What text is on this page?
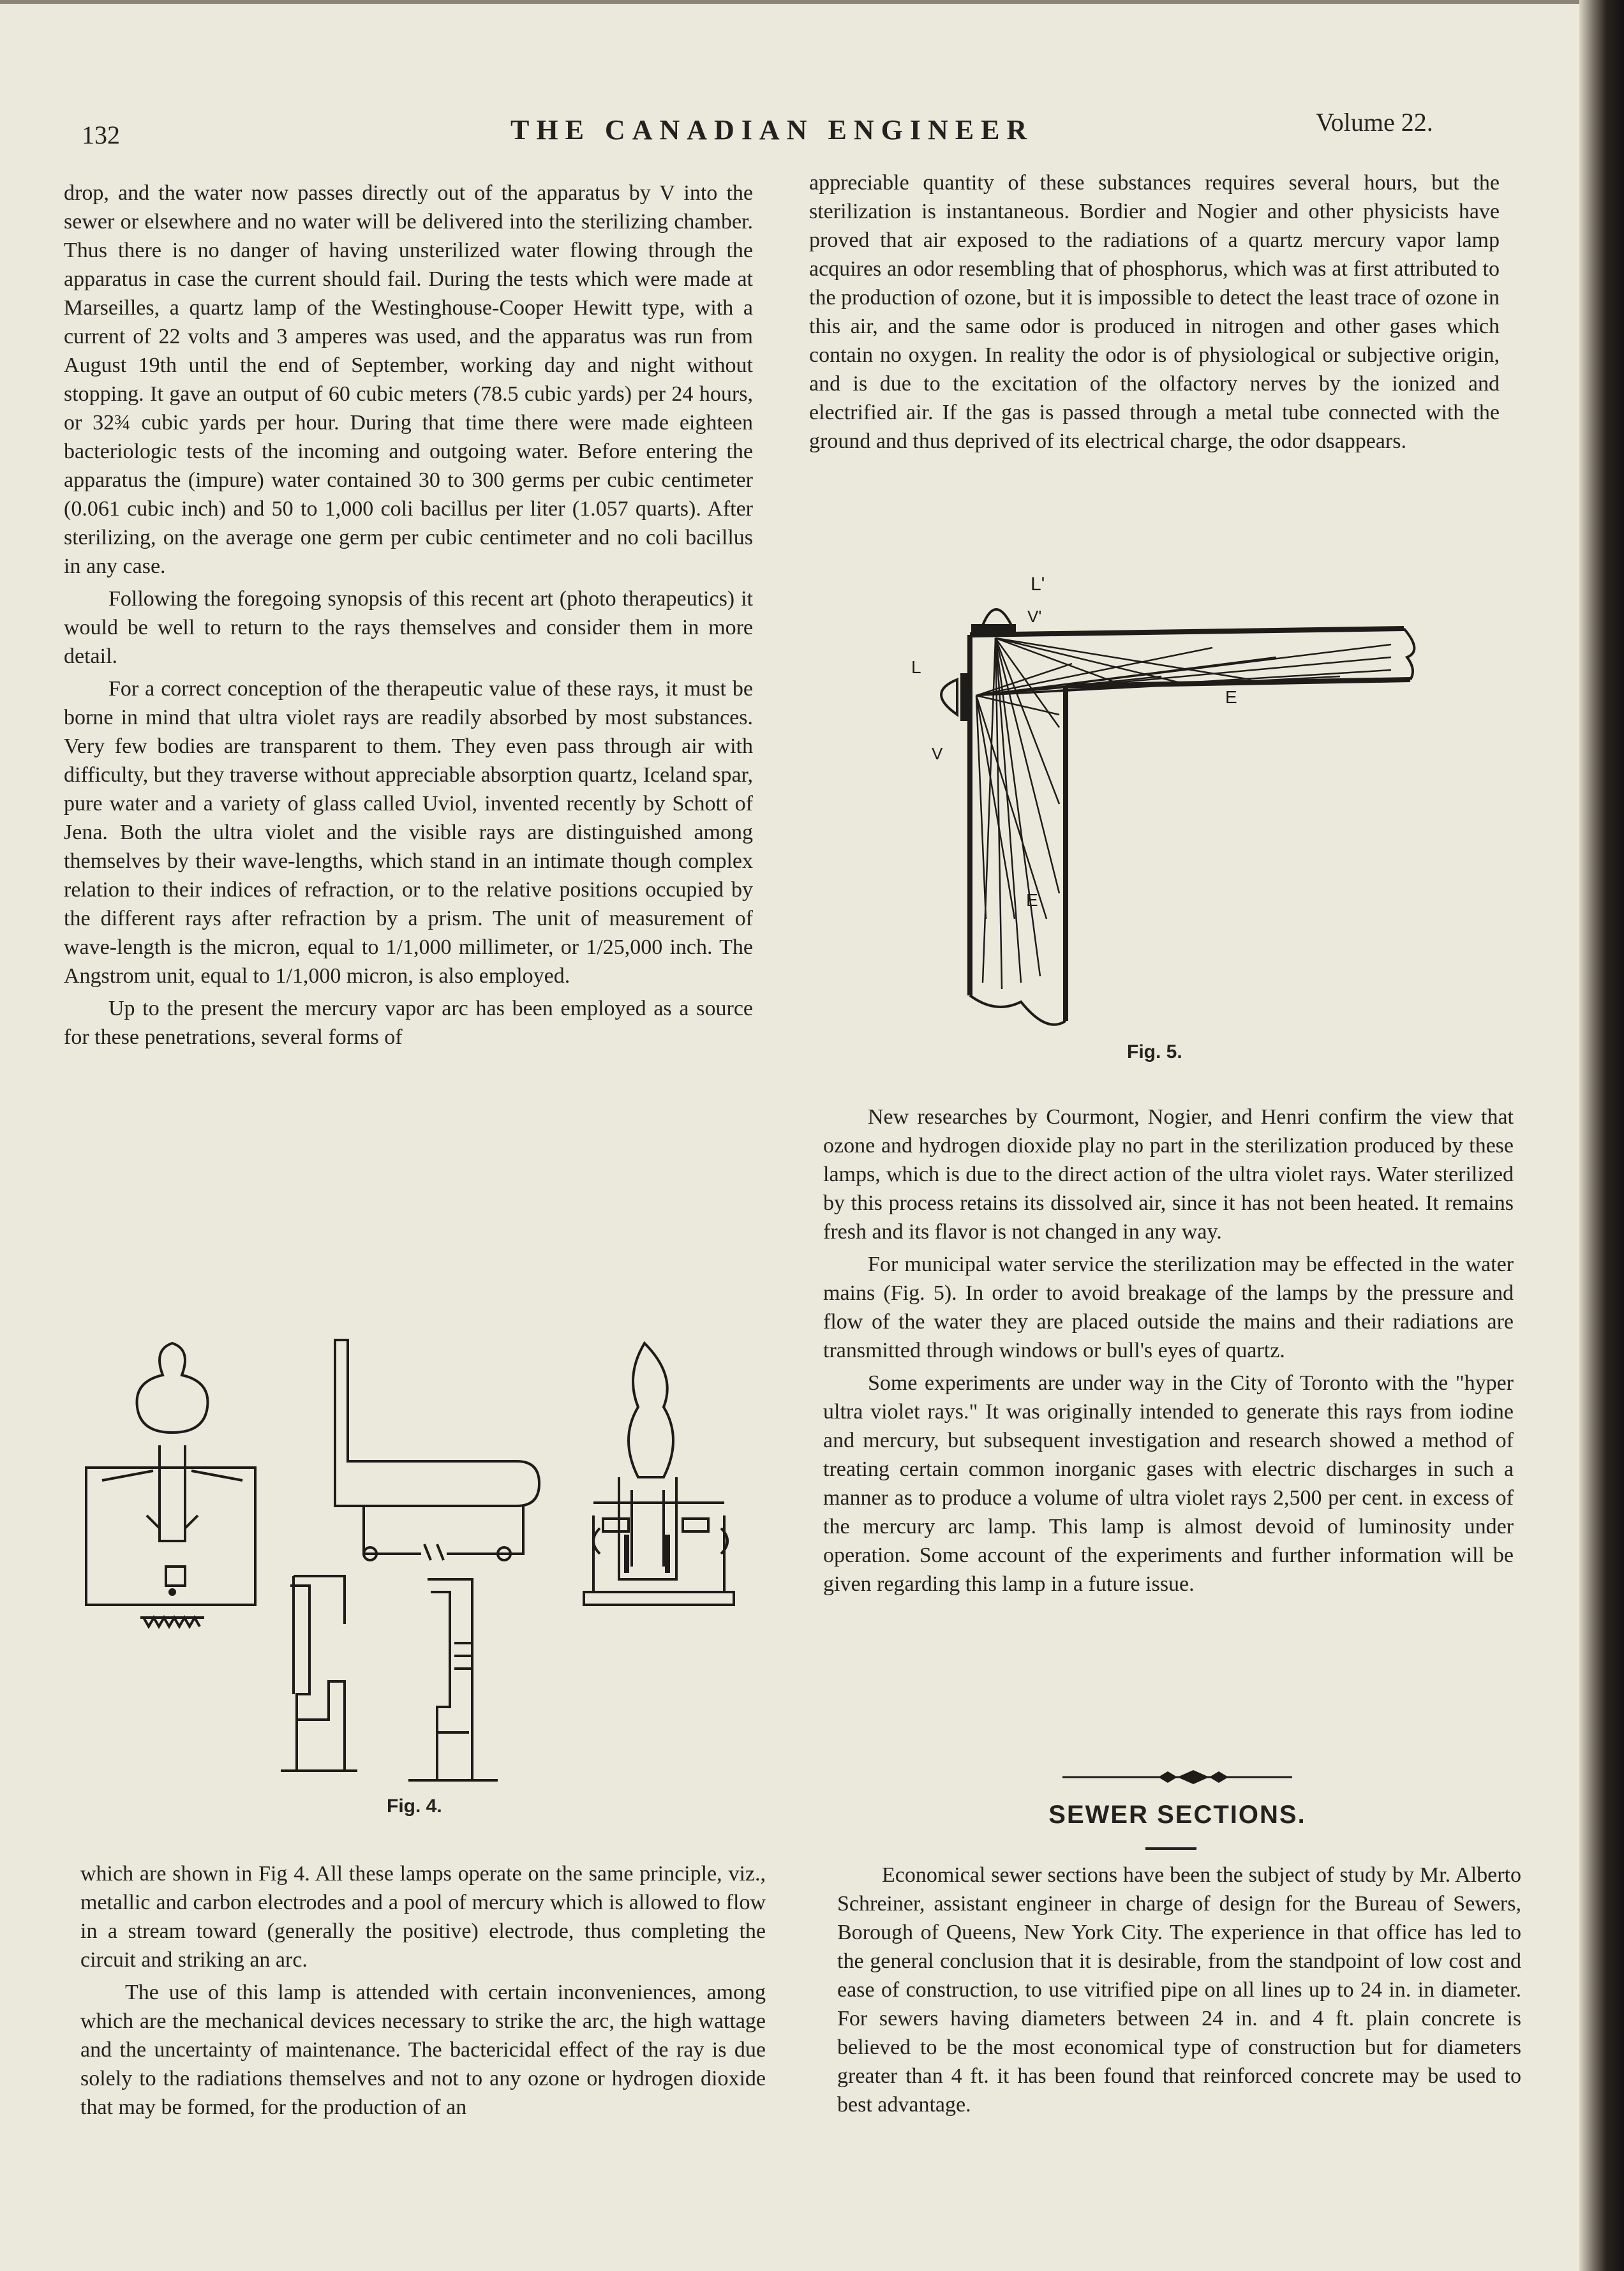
132	THE CANADIAN ENGINEER	Volume 22.

drop, and the water now passes directly out of the apparatus by V into the sewer or elsewhere and no water will be delivered into the sterilizing chamber. Thus there is no danger of having unsterilized water flowing through the apparatus in case the current should fail. During the tests which were made at Marseilles, a quartz lamp of the Westinghouse-Cooper Hewitt type, with a current of 22 volts and 3 amperes was used, and the apparatus was run from August 19th until the end of September, working day and night without stopping. It gave an output of 60 cubic meters (78.5 cubic yards) per 24 hours, or 32¾ cubic yards per hour. During that time there were made eighteen bacteriologic tests of the incoming and outgoing water. Before entering the apparatus the (impure) water contained 30 to 300 germs per cubic centimeter (0.061 cubic inch) and 50 to 1,000 coli bacillus per liter (1.057 quarts). After sterilizing, on the average one germ per cubic centimeter and no coli bacillus in any case.

Following the foregoing synopsis of this recent art (photo therapeutics) it would be well to return to the rays themselves and consider them in more detail.

For a correct conception of the therapeutic value of these rays, it must be borne in mind that ultra violet rays are readily absorbed by most substances. Very few bodies are transparent to them. They even pass through air with difficulty, but they traverse without appreciable absorption quartz, Iceland spar, pure water and a variety of glass called Uviol, invented recently by Schott of Jena. Both the ultra violet and the visible rays are distinguished among themselves by their wave-lengths, which stand in an intimate though complex relation to their indices of refraction, or to the relative positions occupied by the different rays after refraction by a prism. The unit of measurement of wave-length is the micron, equal to 1/1,000 millimeter, or 1/25,000 inch. The Angstrom unit, equal to 1/1,000 micron, is also employed.

Up to the present the mercury vapor arc has been employed as a source for these penetrations, several forms of

appreciable quantity of these substances requires several hours, but the sterilization is instantaneous. Bordier and Nogier and other physicists have proved that air exposed to the radiations of a quartz mercury vapor lamp acquires an odor resembling that of phosphorus, which was at first attributed to the production of ozone, but it is impossible to detect the least trace of ozone in this air, and the same odor is produced in nitrogen and other gases which contain no oxygen. In reality the odor is of physiological or subjective origin, and is due to the excitation of the olfactory nerves by the ionized and electrified air. If the gas is passed through a metal tube connected with the ground and thus deprived of its electrical charge, the odor dsappears.

L'
V'
L
V
E
E
Fig. 5.

New researches by Courmont, Nogier, and Henri confirm the view that ozone and hydrogen dioxide play no part in the sterilization produced by these lamps, which is due to the direct action of the ultra violet rays. Water sterilized by this process retains its dissolved air, since it has not been heated. It remains fresh and its flavor is not changed in any way.

For municipal water service the sterilization may be effected in the water mains (Fig. 5). In order to avoid breakage of the lamps by the pressure and flow of the water they are placed outside the mains and their radiations are transmitted through windows or bull's eyes of quartz.

Some experiments are under way in the City of Toronto with the "hyper ultra violet rays." It was originally intended to generate this rays from iodine and mercury, but subsequent investigation and research showed a method of treating certain common inorganic gases with electric discharges in such a manner as to produce a volume of ultra violet rays 2,500 per cent. in excess of the mercury arc lamp. This lamp is almost devoid of luminosity under operation. Some account of the experiments and further information will be given regarding this lamp in a future issue.

Fig. 4.

which are shown in Fig 4. All these lamps operate on the same principle, viz., metallic and carbon electrodes and a pool of mercury which is allowed to flow in a stream toward (generally the positive) electrode, thus completing the circuit and striking an arc.

The use of this lamp is attended with certain inconveniences, among which are the mechanical devices necessary to strike the arc, the high wattage and the uncertainty of maintenance. The bactericidal effect of the ray is due solely to the radiations themselves and not to any ozone or hydrogen dioxide that may be formed, for the production of an

SEWER SECTIONS.

Economical sewer sections have been the subject of study by Mr. Alberto Schreiner, assistant engineer in charge of design for the Bureau of Sewers, Borough of Queens, New York City. The experience in that office has led to the general conclusion that it is desirable, from the standpoint of low cost and ease of construction, to use vitrified pipe on all lines up to 24 in. in diameter. For sewers having diameters between 24 in. and 4 ft. plain concrete is believed to be the most economical type of construction but for diameters greater than 4 ft. it has been found that reinforced concrete may be used to best advantage.
